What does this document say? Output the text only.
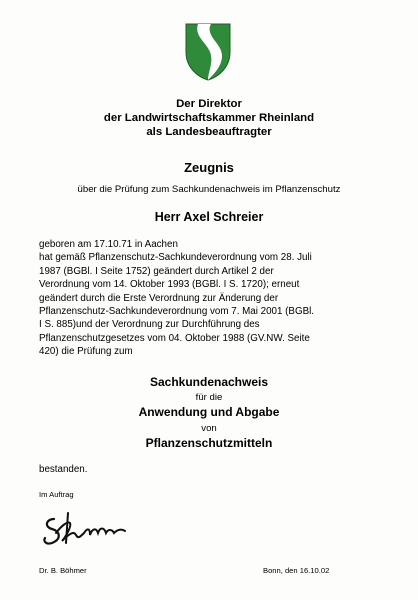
Der Direktor
der Landwirtschaftskammer Rheinland
als Landesbeauftragter
Zeugnis
über die Prüfung zum Sachkundenachweis im Pflanzenschutz
Herr Axel Schreier

geboren am 17.10.71 in Aachen

hat gemäß Pflanzenschutz-Sachkundeverordnung vom 28. Juli

1987 (BGBl. I Seite 1752) geändert durch Artikel 2 der

Verordnung vom 14. Oktober 1993 (BGBl. I S. 1720); erneut

geändert durch die Erste Verordnung zur Änderung der

Pflanzenschutz-Sachkundeverordnung vom 7. Mai 2001 (BGBl.

I S. 885)und der Verordnung zur Durchführung des

Pflanzenschutzgesetzes vom 04. Oktober 1988 (GV.NW. Seite

420) die Prüfung zum

Sachkundenachweis
für die
Anwendung und Abgabe
von
Pflanzenschutzmitteln
bestanden.
Im Auftrag
Dr. B. Böhmer	Bonn, den 16.10.02
